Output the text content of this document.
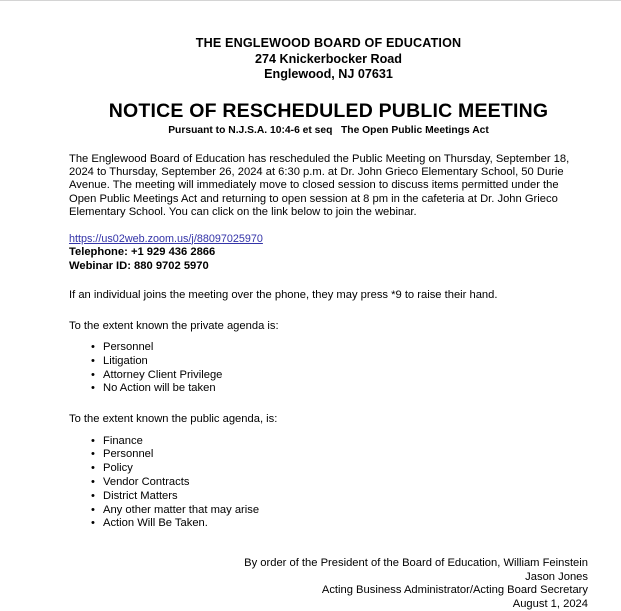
THE ENGLEWOOD BOARD OF EDUCATION
274 Knickerbocker Road
Englewood, NJ 07631
NOTICE OF RESCHEDULED PUBLIC MEETING
Pursuant to N.J.S.A. 10:4-6 et seq   The Open Public Meetings Act
The Englewood Board of Education has rescheduled the Public Meeting on Thursday, September 18, 2024 to Thursday, September 26, 2024 at 6:30 p.m. at Dr. John Grieco Elementary School, 50 Durie Avenue. The meeting will immediately move to closed session to discuss items permitted under the Open Public Meetings Act and returning to open session at 8 pm in the cafeteria at Dr. John Grieco Elementary School. You can click on the link below to join the webinar.
https://us02web.zoom.us/j/88097025970
Telephone: +1 929 436 2866
Webinar ID: 880 9702 5970
If an individual joins the meeting over the phone, they may press *9 to raise their hand.
To the extent known the private agenda is:
• Personnel
• Litigation
• Attorney Client Privilege
• No Action will be taken
To the extent known the public agenda, is:
• Finance
• Personnel
• Policy
• Vendor Contracts
• District Matters
• Any other matter that may arise
• Action Will Be Taken.
By order of the President of the Board of Education, William Feinstein
Jason Jones
Acting Business Administrator/Acting Board Secretary
August 1, 2024
